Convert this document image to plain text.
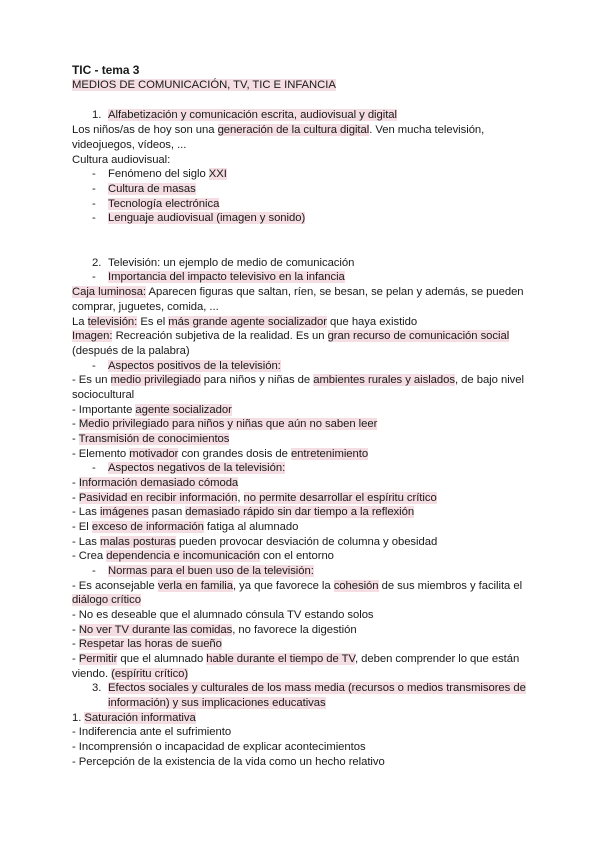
TIC - tema 3
MEDIOS DE COMUNICACIÓN, TV, TIC E INFANCIA
1. Alfabetización y comunicación escrita, audiovisual y digital
Los niños/as de hoy son una generación de la cultura digital. Ven mucha televisión,
videojuegos, vídeos, ...
Cultura audiovisual:
- Fenómeno del siglo XXI
- Cultura de masas
- Tecnología electrónica
- Lenguaje audiovisual (imagen y sonido)
2. Televisión: un ejemplo de medio de comunicación
- Importancia del impacto televisivo en la infancia
Caja luminosa: Aparecen figuras que saltan, ríen, se besan, se pelan y además, se pueden
comprar, juguetes, comida, ...
La televisión: Es el más grande agente socializador que haya existido
Imagen: Recreación subjetiva de la realidad. Es un gran recurso de comunicación social
(después de la palabra)
- Aspectos positivos de la televisión:
- Es un medio privilegiado para niños y niñas de ambientes rurales y aislados, de bajo nivel
sociocultural
- Importante agente socializador
- Medio privilegiado para niños y niñas que aún no saben leer
- Transmisión de conocimientos
- Elemento motivador con grandes dosis de entretenimiento
- Aspectos negativos de la televisión:
- Información demasiado cómoda
- Pasividad en recibir información, no permite desarrollar el espíritu crítico
- Las imágenes pasan demasiado rápido sin dar tiempo a la reflexión
- El exceso de información fatiga al alumnado
- Las malas posturas pueden provocar desviación de columna y obesidad
- Crea dependencia e incomunicación con el entorno
- Normas para el buen uso de la televisión:
- Es aconsejable verla en familia, ya que favorece la cohesión de sus miembros y facilita el
diálogo crítico
- No es deseable que el alumnado cónsula TV estando solos
- No ver TV durante las comidas, no favorece la digestión
- Respetar las horas de sueño
- Permitir que el alumnado hable durante el tiempo de TV, deben comprender lo que están
viendo. (espíritu crítico)
3. Efectos sociales y culturales de los mass media (recursos o medios transmisores de
información) y sus implicaciones educativas
1. Saturación informativa
- Indiferencia ante el sufrimiento
- Incomprensión o incapacidad de explicar acontecimientos
- Percepción de la existencia de la vida como un hecho relativo
